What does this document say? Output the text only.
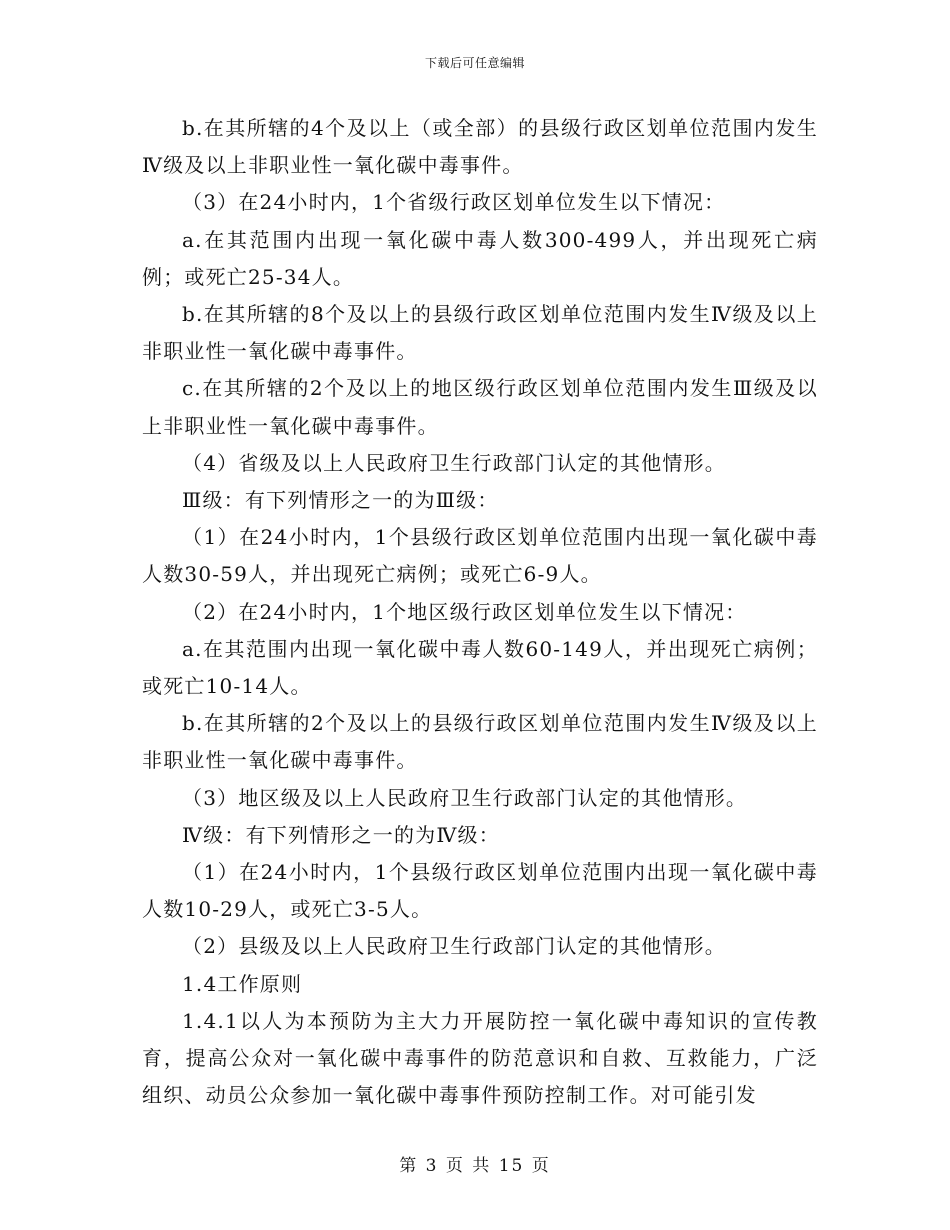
下载后可任意编辑

b.在其所辖的4个及以上（或全部）的县级行政区划单位范围内发生Ⅳ级及以上非职业性一氧化碳中毒事件。

（3）在24小时内，1个省级行政区划单位发生以下情况：

a.在其范围内出现一氧化碳中毒人数300-499人，并出现死亡病例；或死亡25-34人。

b.在其所辖的8个及以上的县级行政区划单位范围内发生Ⅳ级及以上非职业性一氧化碳中毒事件。

c.在其所辖的2个及以上的地区级行政区划单位范围内发生Ⅲ级及以上非职业性一氧化碳中毒事件。

（4）省级及以上人民政府卫生行政部门认定的其他情形。

Ⅲ级：有下列情形之一的为Ⅲ级：

（1）在24小时内，1个县级行政区划单位范围内出现一氧化碳中毒人数30-59人，并出现死亡病例；或死亡6-9人。

（2）在24小时内，1个地区级行政区划单位发生以下情况：

a.在其范围内出现一氧化碳中毒人数60-149人，并出现死亡病例；或死亡10-14人。

b.在其所辖的2个及以上的县级行政区划单位范围内发生Ⅳ级及以上非职业性一氧化碳中毒事件。

（3）地区级及以上人民政府卫生行政部门认定的其他情形。

Ⅳ级：有下列情形之一的为Ⅳ级：

（1）在24小时内，1个县级行政区划单位范围内出现一氧化碳中毒人数10-29人，或死亡3-5人。

（2）县级及以上人民政府卫生行政部门认定的其他情形。

1.4工作原则

1.4.1以人为本预防为主大力开展防控一氧化碳中毒知识的宣传教育，提高公众对一氧化碳中毒事件的防范意识和自救、互救能力，广泛组织、动员公众参加一氧化碳中毒事件预防控制工作。对可能引发

第 3 页 共 15 页
